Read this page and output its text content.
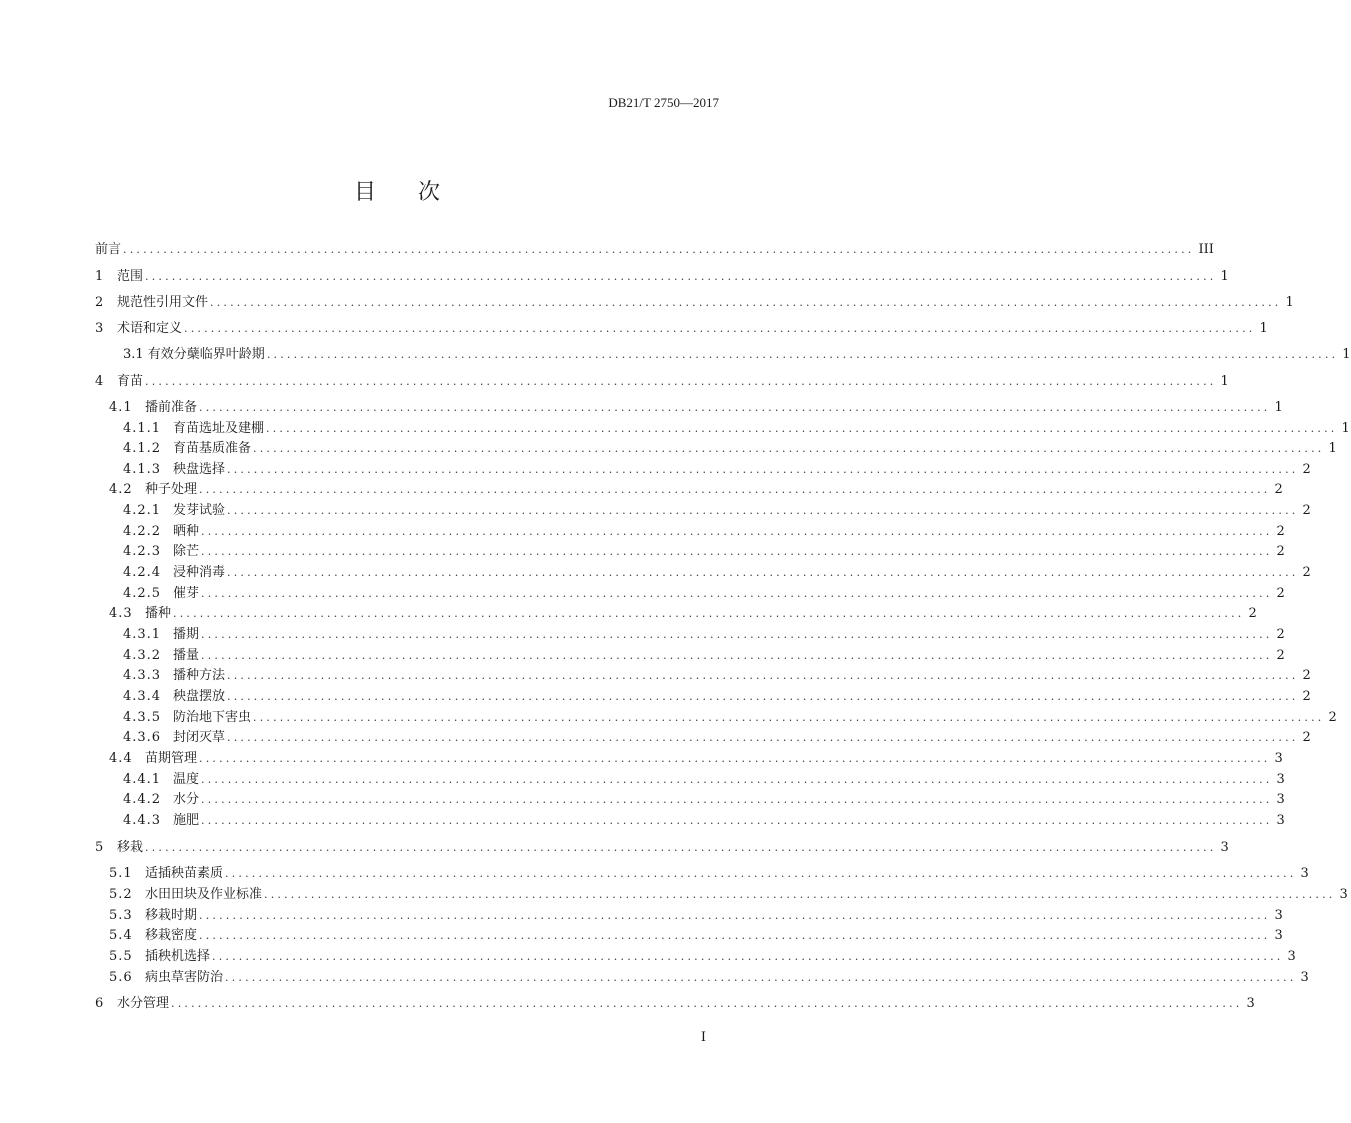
DB21/T 2750—2017
目 次
前言 ................................................................................................................................................................ III
1 范围 ................................................................................................................................................................ 1
2 规范性引用文件 ................................................................................................................................................................ 1
3 术语和定义 ................................................................................................................................................................ 1
3.1 有效分蘖临界叶龄期 ................................................................................................................................................................ 1
4 育苗 ................................................................................................................................................................ 1
4.1 播前准备 ................................................................................................................................................................ 1
4.1.1 育苗选址及建棚 ................................................................................................................................................................ 1
4.1.2 育苗基质准备 ................................................................................................................................................................ 1
4.1.3 秧盘选择 ................................................................................................................................................................ 2
4.2 种子处理 ................................................................................................................................................................ 2
4.2.1 发芽试验 ................................................................................................................................................................ 2
4.2.2 晒种 ................................................................................................................................................................ 2
4.2.3 除芒 ................................................................................................................................................................ 2
4.2.4 浸种消毒 ................................................................................................................................................................ 2
4.2.5 催芽 ................................................................................................................................................................ 2
4.3 播种 ................................................................................................................................................................ 2
4.3.1 播期 ................................................................................................................................................................ 2
4.3.2 播量 ................................................................................................................................................................ 2
4.3.3 播种方法 ................................................................................................................................................................ 2
4.3.4 秧盘摆放 ................................................................................................................................................................ 2
4.3.5 防治地下害虫 ................................................................................................................................................................ 2
4.3.6 封闭灭草 ................................................................................................................................................................ 2
4.4 苗期管理 ................................................................................................................................................................ 3
4.4.1 温度 ................................................................................................................................................................ 3
4.4.2 水分 ................................................................................................................................................................ 3
4.4.3 施肥 ................................................................................................................................................................ 3
5 移栽 ................................................................................................................................................................ 3
5.1 适插秧苗素质 ................................................................................................................................................................ 3
5.2 水田田块及作业标准 ................................................................................................................................................................ 3
5.3 移栽时期 ................................................................................................................................................................ 3
5.4 移栽密度 ................................................................................................................................................................ 3
5.5 插秧机选择 ................................................................................................................................................................ 3
5.6 病虫草害防治 ................................................................................................................................................................ 3
6 水分管理 ................................................................................................................................................................ 3
I
